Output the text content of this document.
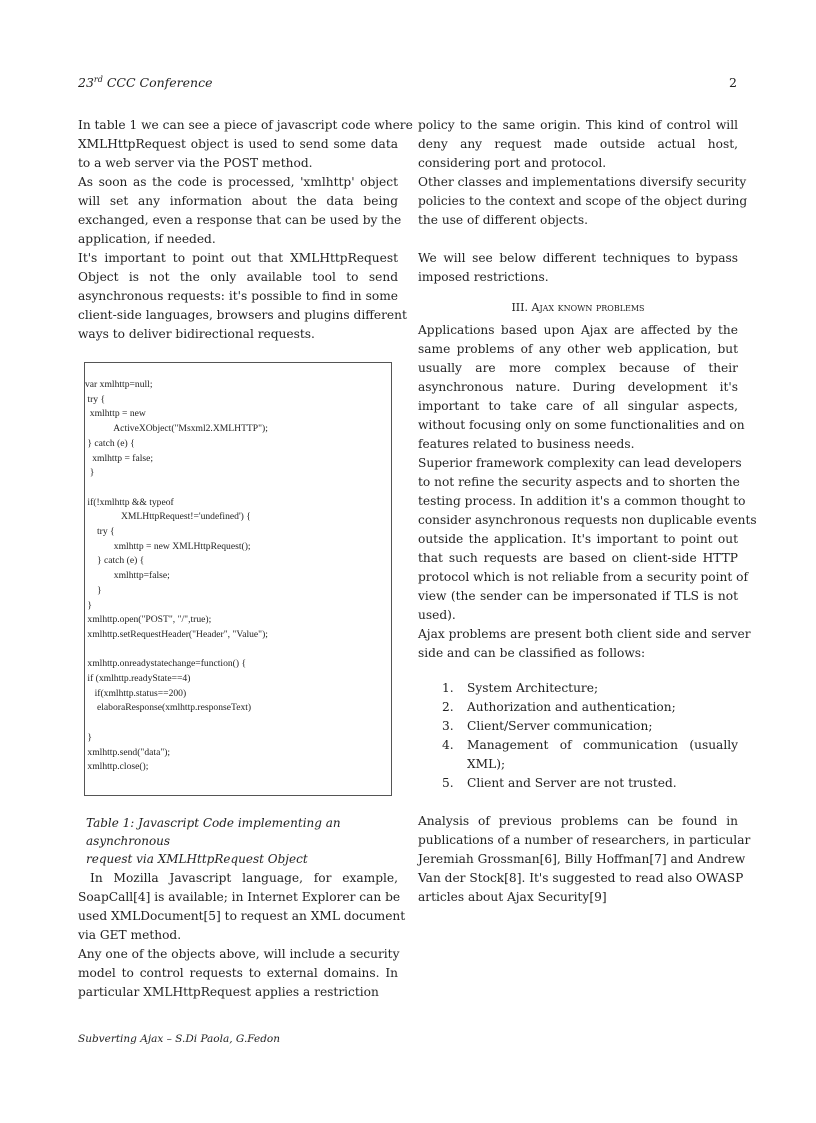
23rd CCC Conference	2
In table 1 we can see a piece of javascript code where
XMLHttpRequest object is used to send some data
to a web server via the POST method.
As soon as the code is processed, 'xmlhttp' object
will set any information about the data being
exchanged, even a response that can be used by the
application, if needed.
It's important to point out that XMLHttpRequest
Object is not the only available tool to send
asynchronous requests: it's possible to find in some
client-side languages, browsers and plugins different
ways to deliver bidirectional requests.
var xmlhttp=null;
try {
xmlhttp = new
ActiveXObject("Msxml2.XMLHTTP");
} catch (e) {
xmlhttp = false;
}
if(!xmlhttp && typeof
XMLHttpRequest!='undefined') {
try {
xmlhttp = new XMLHttpRequest();
} catch (e) {
xmlhttp=false;
}
}
xmlhttp.open("POST", "/",true);
xmlhttp.setRequestHeader("Header", "Value");
xmlhttp.onreadystatechange=function() {
if (xmlhttp.readyState==4)
if(xmlhttp.status==200)
elaboraResponse(xmlhttp.responseText)
}
xmlhttp.send("data");
xmlhttp.close();
Table 1: Javascript Code implementing an asynchronous
request via XMLHttpRequest Object
In Mozilla Javascript language, for example,
SoapCall[4] is available; in Internet Explorer can be
used XMLDocument[5] to request an XML document
via GET method.
Any one of the objects above, will include a security
model to control requests to external domains. In
particular XMLHttpRequest applies a restriction
policy to the same origin. This kind of control will
deny any request made outside actual host,
considering port and protocol.
Other classes and implementations diversify security
policies to the context and scope of the object during
the use of different objects.
We will see below different techniques to bypass
imposed restrictions.
III. Ajax known problems
Applications based upon Ajax are affected by the
same problems of any other web application, but
usually are more complex because of their
asynchronous nature. During development it's
important to take care of all singular aspects,
without focusing only on some functionalities and on
features related to business needs.
Superior framework complexity can lead developers
to not refine the security aspects and to shorten the
testing process. In addition it's a common thought to
consider asynchronous requests non duplicable events
outside the application. It's important to point out
that such requests are based on client-side HTTP
protocol which is not reliable from a security point of
view (the sender can be impersonated if TLS is not
used).
Ajax problems are present both client side and server
side and can be classified as follows:
1. System Architecture;
2. Authorization and authentication;
3. Client/Server communication;
4. Management of communication (usually
XML);
5. Client and Server are not trusted.
Analysis of previous problems can be found in
publications of a number of researchers, in particular
Jeremiah Grossman[6], Billy Hoffman[7] and Andrew
Van der Stock[8]. It's suggested to read also OWASP
articles about Ajax Security[9]
Subverting Ajax – S.Di Paola, G.Fedon
